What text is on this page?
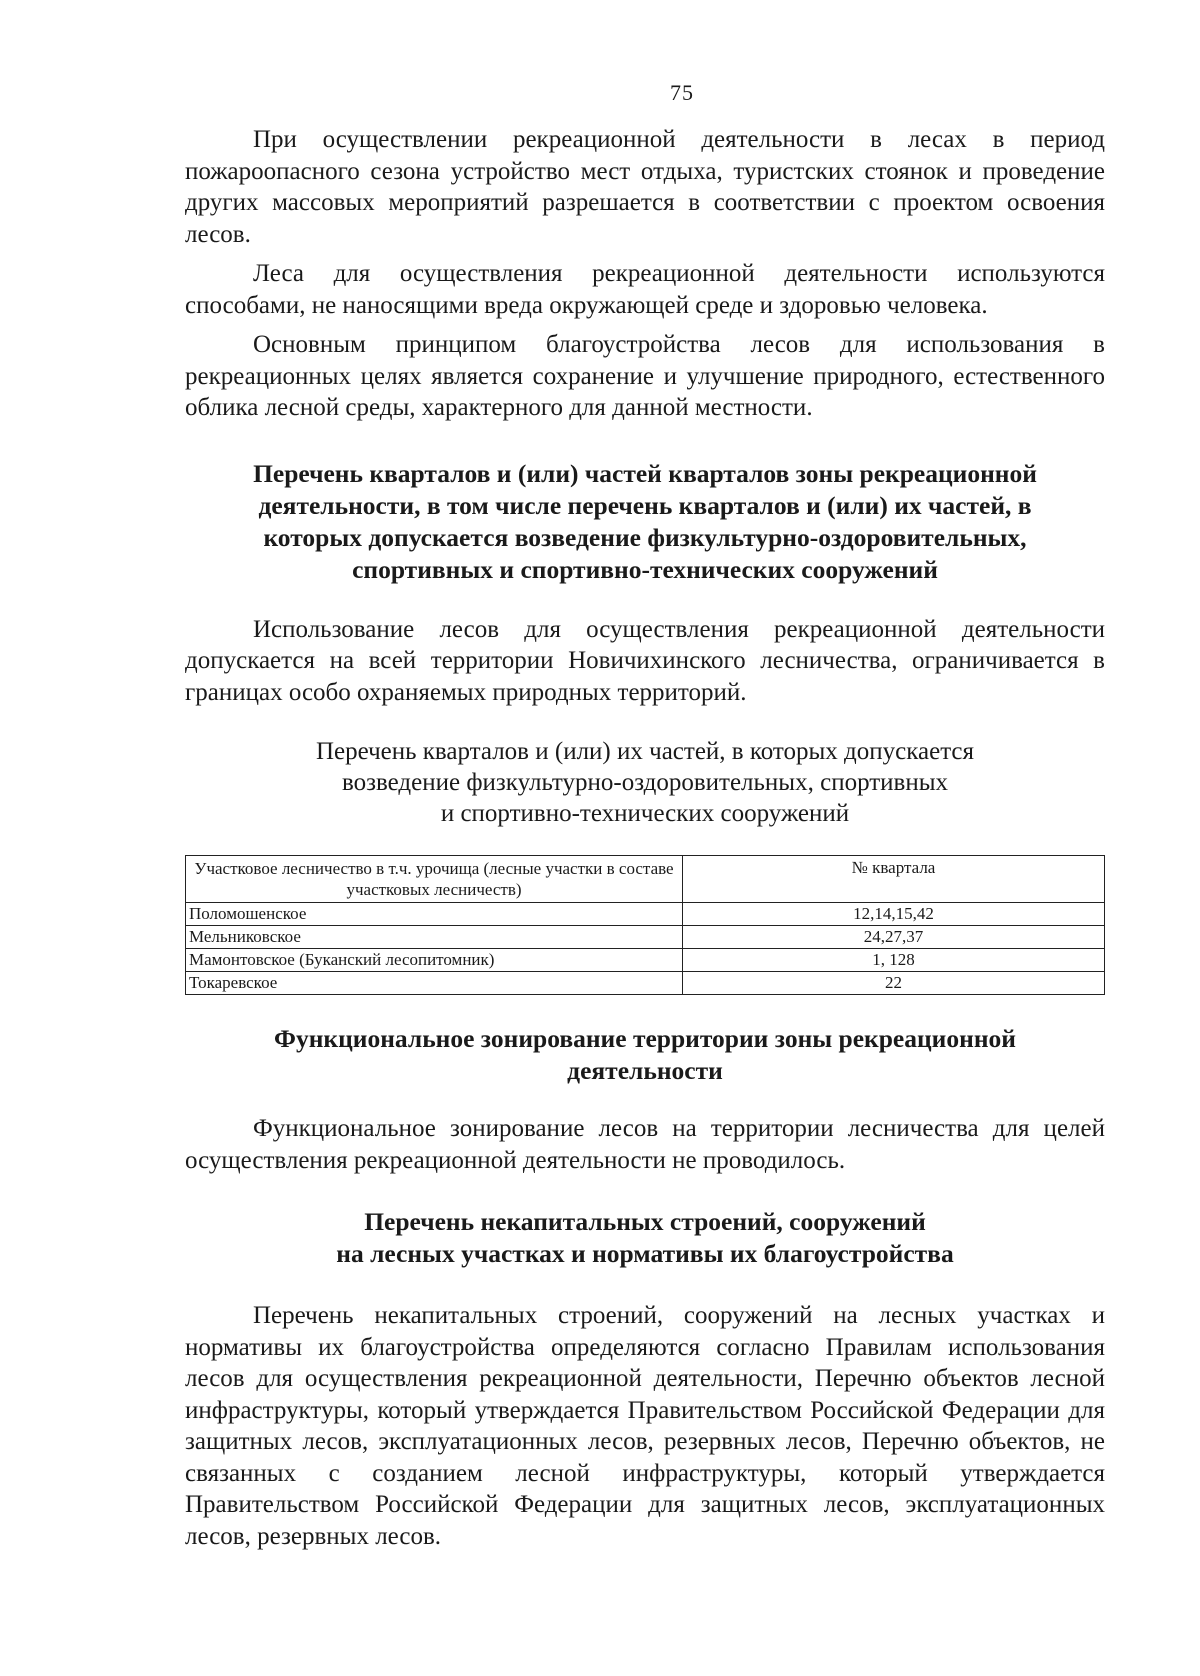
75

При осуществлении рекреационной деятельности в лесах в период пожароопасного сезона устройство мест отдыха, туристских стоянок и проведение других массовых мероприятий разрешается в соответствии с проектом освоения лесов.

Леса для осуществления рекреационной деятельности используются способами, не наносящими вреда окружающей среде и здоровью человека.

Основным принципом благоустройства лесов для использования в рекреационных целях является сохранение и улучшение природного, естественного облика лесной среды, характерного для данной местности.

Перечень кварталов и (или) частей кварталов зоны рекреационной
деятельности, в том числе перечень кварталов и (или) их частей, в
которых допускается возведение физкультурно-оздоровительных,
спортивных и спортивно-технических сооружений

Использование лесов для осуществления рекреационной деятельности допускается на всей территории Новичихинского лесничества, ограничивается в границах особо охраняемых природных территорий.

Перечень кварталов и (или) их частей, в которых допускается
возведение физкультурно-оздоровительных, спортивных
и спортивно-технических сооружений
Участковое лесничество в т.ч. урочища (лесные участки в составе участковых лесничеств)	№ квартала
Поломошенское	12,14,15,42
Мельниковское	24,27,37
Мамонтовское (Буканский лесопитомник)	1, 128
Токаревское	22
Функциональное зонирование территории зоны рекреационной
деятельности

Функциональное зонирование лесов на территории лесничества для целей осуществления рекреационной деятельности не проводилось.

Перечень некапитальных строений, сооружений
на лесных участках и нормативы их благоустройства

Перечень некапитальных строений, сооружений на лесных участках и нормативы их благоустройства определяются согласно Правилам использования лесов для осуществления рекреационной деятельности, Перечню объектов лесной инфраструктуры, который утверждается Правительством Российской Федерации для защитных лесов, эксплуатационных лесов, резервных лесов, Перечню объектов, не связанных с созданием лесной инфраструктуры, который утверждается Правительством Российской Федерации для защитных лесов, эксплуатационных лесов, резервных лесов.
